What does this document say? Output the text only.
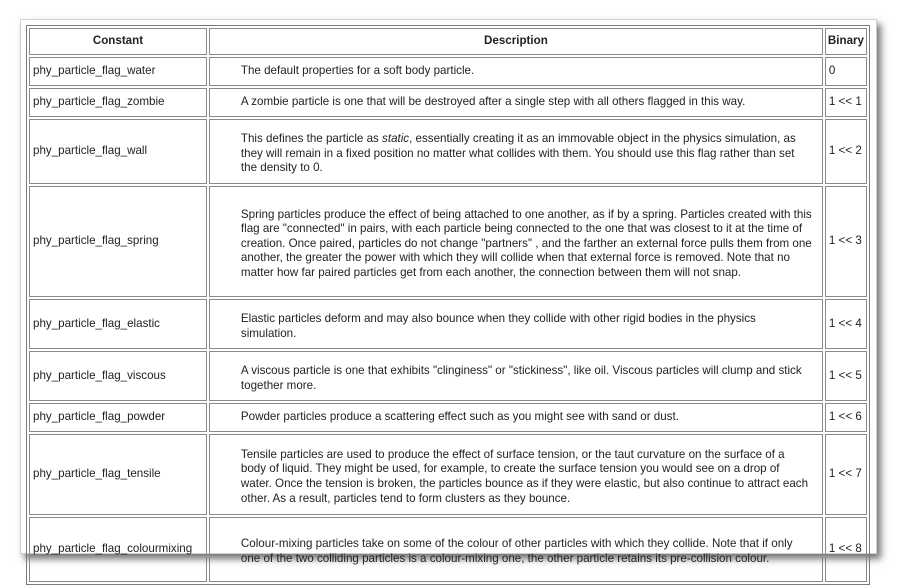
Constant	Description	Binary
phy_particle_flag_water	The default properties for a soft body particle.	0
phy_particle_flag_zombie	A zombie particle is one that will be destroyed after a single step with all others flagged in this way.	1 << 1
phy_particle_flag_wall	This defines the particle as static, essentially creating it as an immovable object in the physics simulation, as they will remain in a fixed position no matter what collides with them. You should use this flag rather than set the density to 0.	1 << 2
phy_particle_flag_spring	Spring particles produce the effect of being attached to one another, as if by a spring. Particles created with this flag are "connected" in pairs, with each particle being connected to the one that was closest to it at the time of creation. Once paired, particles do not change "partners" , and the farther an external force pulls them from one another, the greater the power with which they will collide when that external force is removed. Note that no matter how far paired particles get from each another, the connection between them will not snap.	1 << 3
phy_particle_flag_elastic	Elastic particles deform and may also bounce when they collide with other rigid bodies in the physics simulation.	1 << 4
phy_particle_flag_viscous	A viscous particle is one that exhibits "clinginess" or "stickiness", like oil. Viscous particles will clump and stick together more.	1 << 5
phy_particle_flag_powder	Powder particles produce a scattering effect such as you might see with sand or dust.	1 << 6
phy_particle_flag_tensile	Tensile particles are used to produce the effect of surface tension, or the taut curvature on the surface of a body of liquid. They might be used, for example, to create the surface tension you would see on a drop of water. Once the tension is broken, the particles bounce as if they were elastic, but also continue to attract each other. As a result, particles tend to form clusters as they bounce.	1 << 7
phy_particle_flag_colourmixing	Colour-mixing particles take on some of the colour of other particles with which they collide. Note that if only one of the two colliding particles is a colour-mixing one, the other particle retains its pre-collision colour.	1 << 8
